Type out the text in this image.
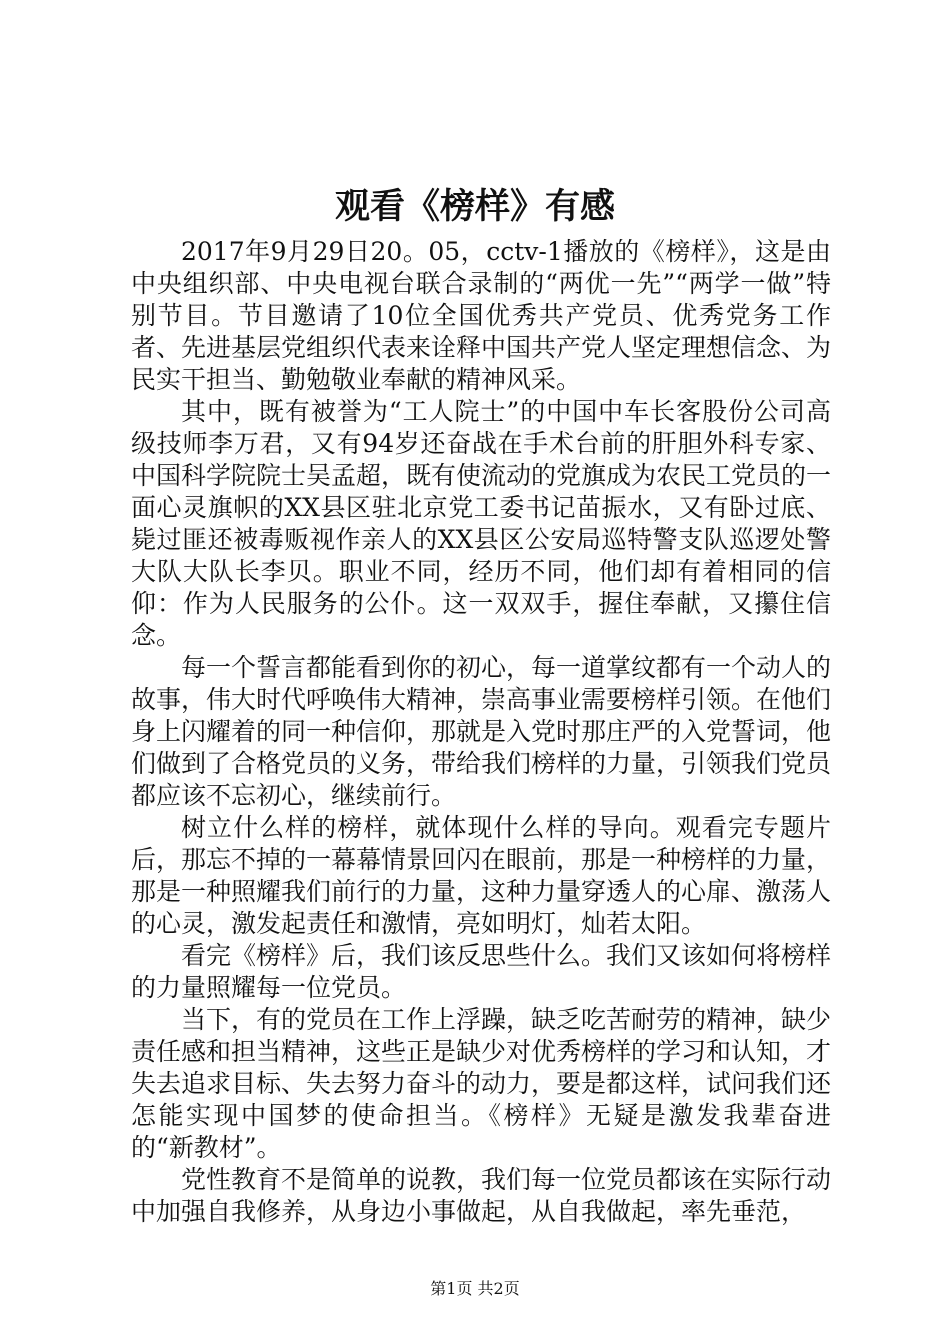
观看《榜样》有感

2017年9月29日20。05，cctv-1播放的《榜样》，这是由中央组织部、中央电视台联合录制的“两优一先”“两学一做”特别节目。节目邀请了10位全国优秀共产党员、优秀党务工作者、先进基层党组织代表来诠释中国共产党人坚定理想信念、为民实干担当、勤勉敬业奉献的精神风采。

其中，既有被誉为“工人院士”的中国中车长客股份公司高级技师李万君，又有94岁还奋战在手术台前的肝胆外科专家、中国科学院院士吴孟超，既有使流动的党旗成为农民工党员的一面心灵旗帜的XX县区驻北京党工委书记苗振水，又有卧过底、毙过匪还被毒贩视作亲人的XX县区公安局巡特警支队巡逻处警大队大队长李贝。职业不同，经历不同，他们却有着相同的信仰：作为人民服务的公仆。这一双双手，握住奉献，又攥住信念。

每一个誓言都能看到你的初心，每一道掌纹都有一个动人的故事，伟大时代呼唤伟大精神，崇高事业需要榜样引领。在他们身上闪耀着的同一种信仰，那就是入党时那庄严的入党誓词，他们做到了合格党员的义务，带给我们榜样的力量，引领我们党员都应该不忘初心，继续前行。

树立什么样的榜样，就体现什么样的导向。观看完专题片后，那忘不掉的一幕幕情景回闪在眼前，那是一种榜样的力量，那是一种照耀我们前行的力量，这种力量穿透人的心扉、激荡人的心灵，激发起责任和激情，亮如明灯，灿若太阳。

看完《榜样》后，我们该反思些什么。我们又该如何将榜样的力量照耀每一位党员。

当下，有的党员在工作上浮躁，缺乏吃苦耐劳的精神，缺少责任感和担当精神，这些正是缺少对优秀榜样的学习和认知，才失去追求目标、失去努力奋斗的动力，要是都这样，试问我们还怎能实现中国梦的使命担当。《榜样》无疑是激发我辈奋进的“新教材”。

党性教育不是简单的说教，我们每一位党员都该在实际行动中加强自我修养，从身边小事做起，从自我做起，率先垂范，

第1页 共2页
